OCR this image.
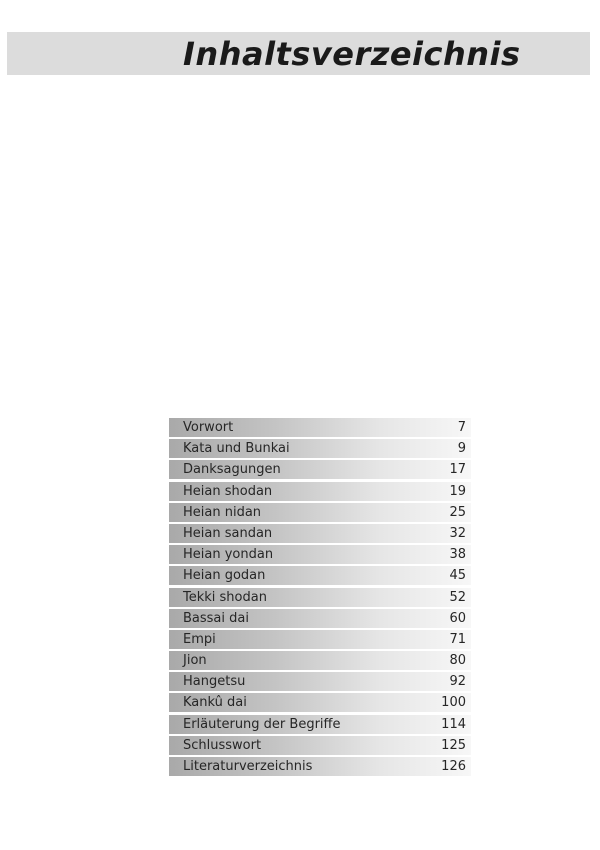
Inhaltsverzeichnis
Vorwort	7
Kata und Bunkai	9
Danksagungen	17
Heian shodan	19
Heian nidan	25
Heian sandan	32
Heian yondan	38
Heian godan	45
Tekki shodan	52
Bassai dai	60
Empi	71
Jion	80
Hangetsu	92
Kankû dai	100
Erläuterung der Begriffe	114
Schlusswort	125
Literaturverzeichnis	126
